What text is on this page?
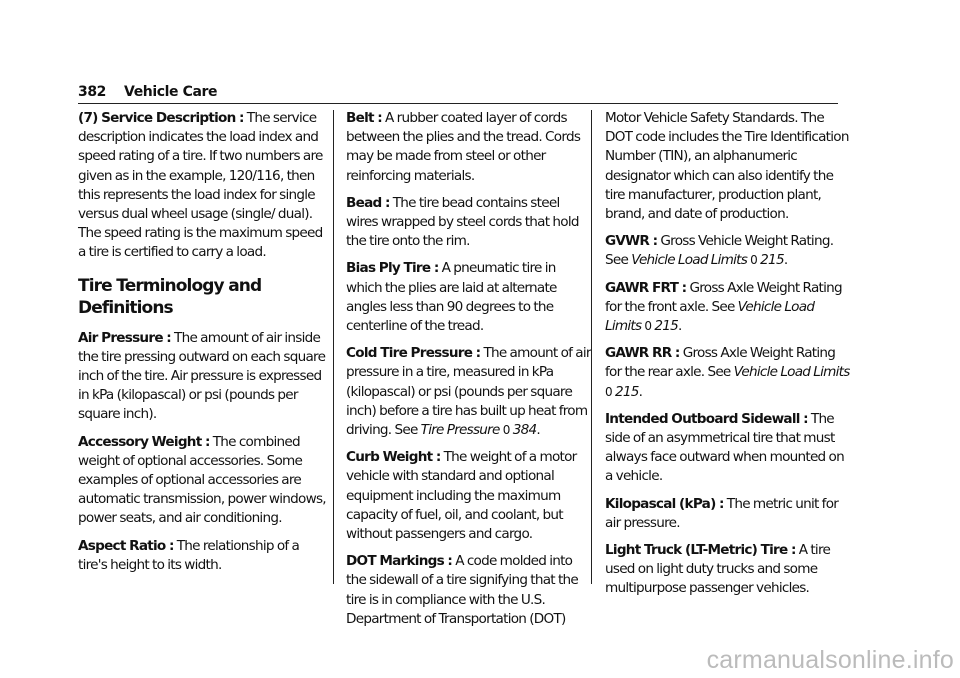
382 Vehicle Care
(7) Service Description : The service description indicates the load index and speed rating of a tire. If two numbers are given as in the example, 120/116, then this represents the load index for single versus dual wheel usage (single/ dual). The speed rating is the maximum speed a tire is certified to carry a load.
Tire Terminology and Definitions
Air Pressure : The amount of air inside the tire pressing outward on each square inch of the tire. Air pressure is expressed in kPa (kilopascal) or psi (pounds per square inch).
Accessory Weight : The combined weight of optional accessories. Some examples of optional accessories are automatic transmission, power windows, power seats, and air conditioning.
Aspect Ratio : The relationship of a tire's height to its width.
Belt : A rubber coated layer of cords between the plies and the tread. Cords may be made from steel or other reinforcing materials.
Bead : The tire bead contains steel wires wrapped by steel cords that hold the tire onto the rim.
Bias Ply Tire : A pneumatic tire in which the plies are laid at alternate angles less than 90 degrees to the centerline of the tread.
Cold Tire Pressure : The amount of air pressure in a tire, measured in kPa (kilopascal) or psi (pounds per square inch) before a tire has built up heat from driving. See Tire Pressure 0 384.
Curb Weight : The weight of a motor vehicle with standard and optional equipment including the maximum capacity of fuel, oil, and coolant, but without passengers and cargo.
DOT Markings : A code molded into the sidewall of a tire signifying that the tire is in compliance with the U.S. Department of Transportation (DOT)
Motor Vehicle Safety Standards. The DOT code includes the Tire Identification Number (TIN), an alphanumeric designator which can also identify the tire manufacturer, production plant, brand, and date of production.
GVWR : Gross Vehicle Weight Rating. See Vehicle Load Limits 0 215.
GAWR FRT : Gross Axle Weight Rating for the front axle. See Vehicle Load Limits 0 215.
GAWR RR : Gross Axle Weight Rating for the rear axle. See Vehicle Load Limits 0 215.
Intended Outboard Sidewall : The side of an asymmetrical tire that must always face outward when mounted on a vehicle.
Kilopascal (kPa) : The metric unit for air pressure.
Light Truck (LT-Metric) Tire : A tire used on light duty trucks and some multipurpose passenger vehicles.
carmanualsonline.info
